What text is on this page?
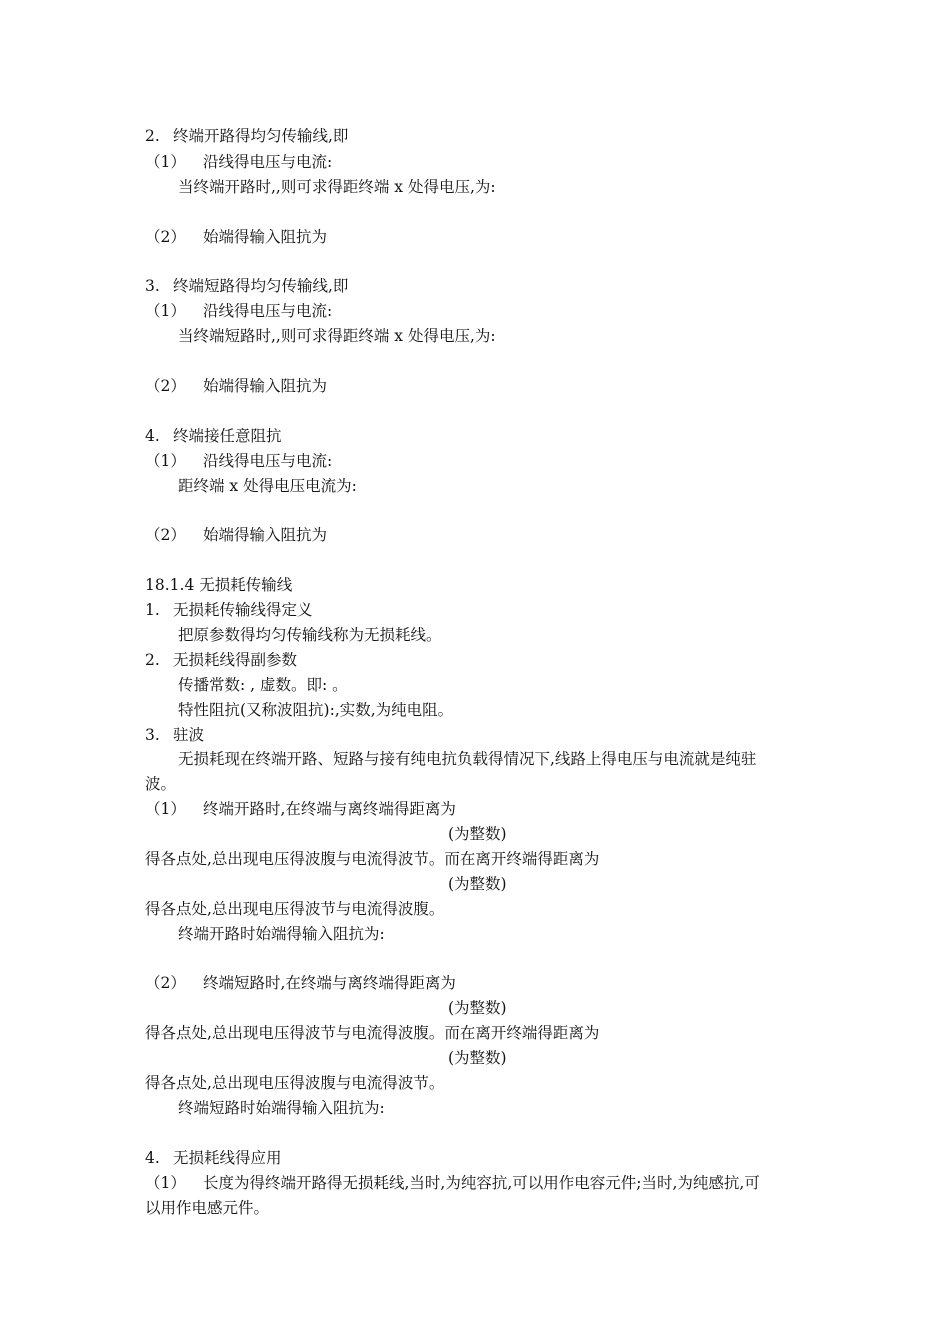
2. 终端开路得均匀传输线,即
（1） 沿线得电压与电流:
当终端开路时,,则可求得距终端 x 处得电压,为:
（2） 始端得输入阻抗为
3. 终端短路得均匀传输线,即
（1） 沿线得电压与电流:
当终端短路时,,则可求得距终端 x 处得电压,为:
（2） 始端得输入阻抗为
4. 终端接任意阻抗
（1） 沿线得电压与电流:
距终端 x 处得电压电流为:
（2） 始端得输入阻抗为
18.1.4 无损耗传输线
1. 无损耗传输线得定义
把原参数得均匀传输线称为无损耗线。
2. 无损耗线得副参数
传播常数: , 虚数。即: 。
特性阻抗(又称波阻抗):,实数,为纯电阻。
3. 驻波
无损耗现在终端开路、短路与接有纯电抗负载得情况下,线路上得电压与电流就是纯驻
波。
（1） 终端开路时,在终端与离终端得距离为
(为整数)
得各点处,总出现电压得波腹与电流得波节。而在离开终端得距离为
(为整数)
得各点处,总出现电压得波节与电流得波腹。
终端开路时始端得输入阻抗为:
（2） 终端短路时,在终端与离终端得距离为
(为整数)
得各点处,总出现电压得波节与电流得波腹。而在离开终端得距离为
(为整数)
得各点处,总出现电压得波腹与电流得波节。
终端短路时始端得输入阻抗为:
4. 无损耗线得应用
（1） 长度为得终端开路得无损耗线,当时,为纯容抗,可以用作电容元件;当时,为纯感抗,可
以用作电感元件。
